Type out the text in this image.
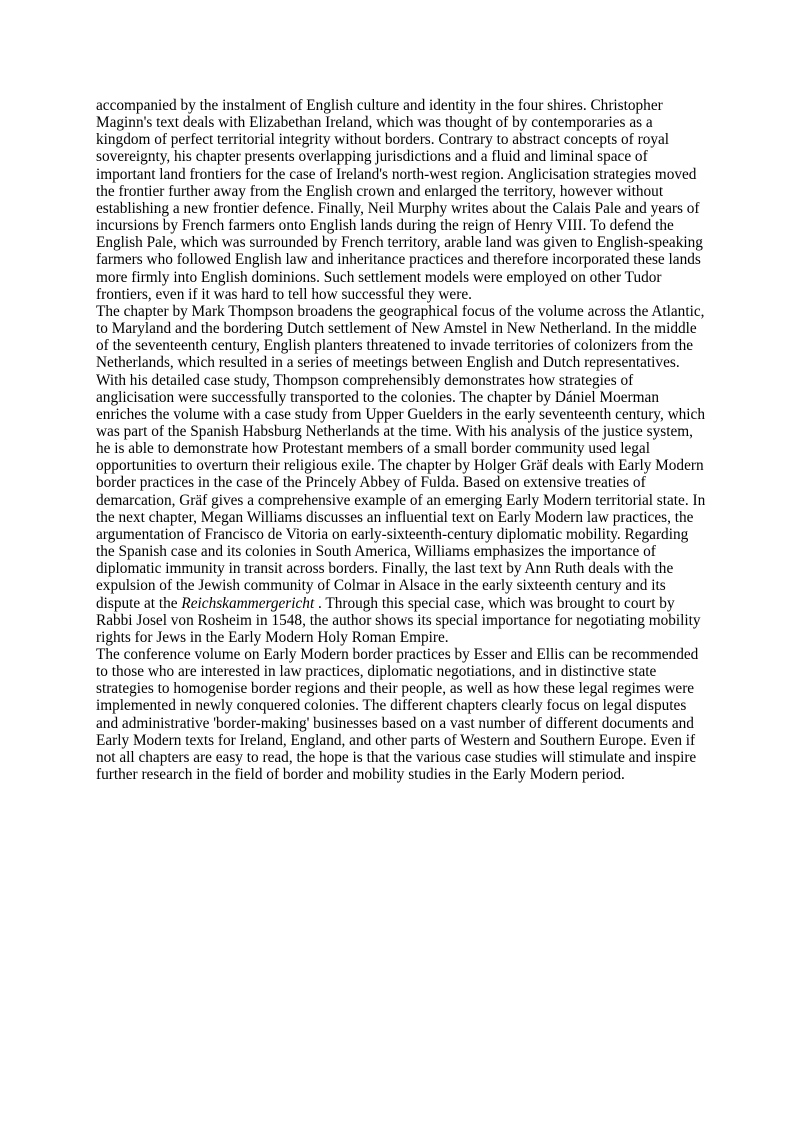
accompanied by the instalment of English culture and identity in the four shires. Christopher Maginn's text deals with Elizabethan Ireland, which was thought of by contemporaries as a kingdom of perfect territorial integrity without borders. Contrary to abstract concepts of royal sovereignty, his chapter presents overlapping jurisdictions and a fluid and liminal space of important land frontiers for the case of Ireland's north-west region. Anglicisation strategies moved the frontier further away from the English crown and enlarged the territory, however without establishing a new frontier defence. Finally, Neil Murphy writes about the Calais Pale and years of incursions by French farmers onto English lands during the reign of Henry VIII. To defend the English Pale, which was surrounded by French territory, arable land was given to English-speaking farmers who followed English law and inheritance practices and therefore incorporated these lands more firmly into English dominions. Such settlement models were employed on other Tudor frontiers, even if it was hard to tell how successful they were.

The chapter by Mark Thompson broadens the geographical focus of the volume across the Atlantic, to Maryland and the bordering Dutch settlement of New Amstel in New Netherland. In the middle of the seventeenth century, English planters threatened to invade territories of colonizers from the Netherlands, which resulted in a series of meetings between English and Dutch representatives. With his detailed case study, Thompson comprehensibly demonstrates how strategies of anglicisation were successfully transported to the colonies. The chapter by Dániel Moerman enriches the volume with a case study from Upper Guelders in the early seventeenth century, which was part of the Spanish Habsburg Netherlands at the time. With his analysis of the justice system, he is able to demonstrate how Protestant members of a small border community used legal opportunities to overturn their religious exile. The chapter by Holger Gräf deals with Early Modern border practices in the case of the Princely Abbey of Fulda. Based on extensive treaties of demarcation, Gräf gives a comprehensive example of an emerging Early Modern territorial state. In the next chapter, Megan Williams discusses an influential text on Early Modern law practices, the argumentation of Francisco de Vitoria on early-sixteenth-century diplomatic mobility. Regarding the Spanish case and its colonies in South America, Williams emphasizes the importance of diplomatic immunity in transit across borders. Finally, the last text by Ann Ruth deals with the expulsion of the Jewish community of Colmar in Alsace in the early sixteenth century and its dispute at the Reichskammergericht . Through this special case, which was brought to court by Rabbi Josel von Rosheim in 1548, the author shows its special importance for negotiating mobility rights for Jews in the Early Modern Holy Roman Empire.

The conference volume on Early Modern border practices by Esser and Ellis can be recommended to those who are interested in law practices, diplomatic negotiations, and in distinctive state strategies to homogenise border regions and their people, as well as how these legal regimes were implemented in newly conquered colonies. The different chapters clearly focus on legal disputes and administrative 'border-making' businesses based on a vast number of different documents and Early Modern texts for Ireland, England, and other parts of Western and Southern Europe. Even if not all chapters are easy to read, the hope is that the various case studies will stimulate and inspire further research in the field of border and mobility studies in the Early Modern period.
